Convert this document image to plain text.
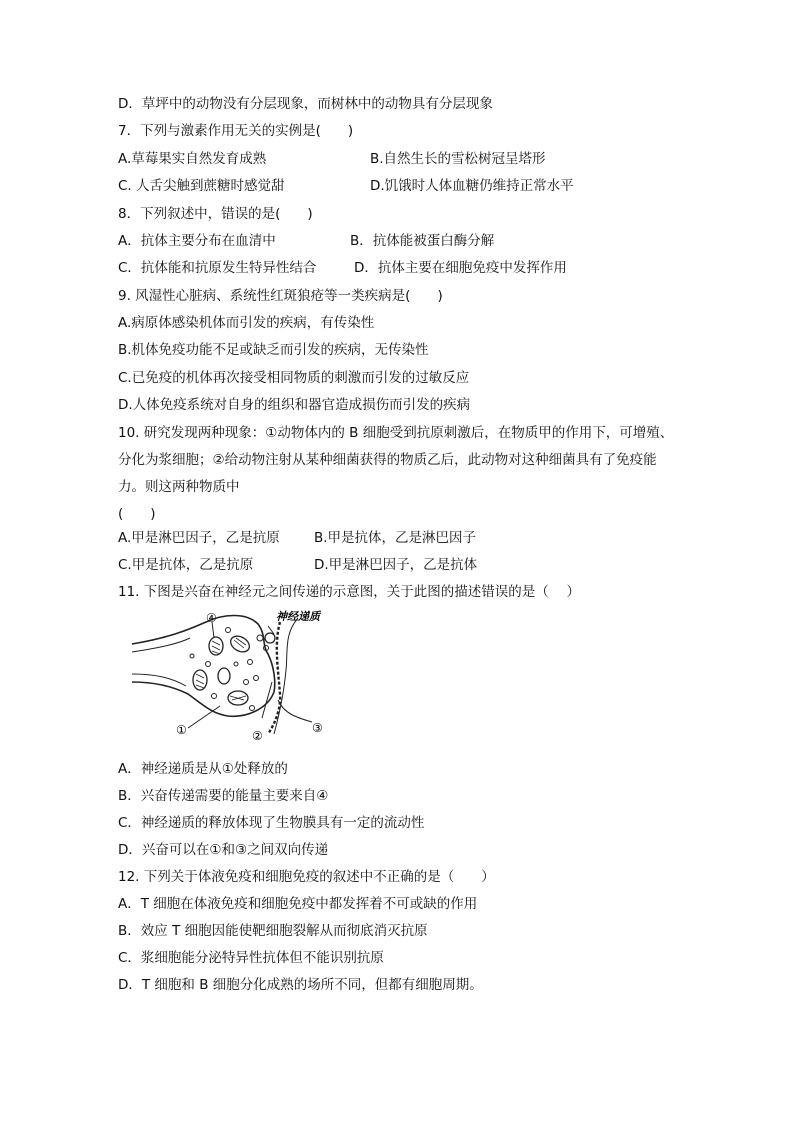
D．草坪中的动物没有分层现象，而树林中的动物具有分层现象
7．下列与激素作用无关的实例是(　　)
A.草莓果实自然发育成熟	B.自然生长的雪松树冠呈塔形
C. 人舌尖触到蔗糖时感觉甜	D.饥饿时人体血糖仍维持正常水平
8．下列叙述中，错误的是(　　)
A．抗体主要分布在血清中	B．抗体能被蛋白酶分解
C．抗体能和抗原发生特异性结合	D．抗体主要在细胞免疫中发挥作用
9. 风湿性心脏病、系统性红斑狼疮等一类疾病是(　　)
A.病原体感染机体而引发的疾病，有传染性
B.机体免疫功能不足或缺乏而引发的疾病，无传染性
C.已免疫的机体再次接受相同物质的刺激而引发的过敏反应
D.人体免疫系统对自身的组织和器官造成损伤而引发的疾病
10. 研究发现两种现象：①动物体内的 B 细胞受到抗原刺激后，在物质甲的作用下，可增殖、
分化为浆细胞；②给动物注射从某种细菌获得的物质乙后，此动物对这种细菌具有了免疫能
力。则这两种物质中
(　　)
A.甲是淋巴因子，乙是抗原	B.甲是抗体，乙是淋巴因子
C.甲是抗体，乙是抗原	D.甲是淋巴因子，乙是抗体
11. 下图是兴奋在神经元之间传递的示意图，关于此图的描述错误的是（　 ）
神经递质
①	②
③
④
A．神经递质是从①处释放的
B．兴奋传递需要的能量主要来自④
C．神经递质的释放体现了生物膜具有一定的流动性
D．兴奋可以在①和③之间双向传递
12. 下列关于体液免疫和细胞免疫的叙述中不正确的是（　　）
A．T 细胞在体液免疫和细胞免疫中都发挥着不可或缺的作用
B．效应 T 细胞因能使靶细胞裂解从而彻底消灭抗原
C．浆细胞能分泌特异性抗体但不能识别抗原
D．T 细胞和 B 细胞分化成熟的场所不同，但都有细胞周期。
